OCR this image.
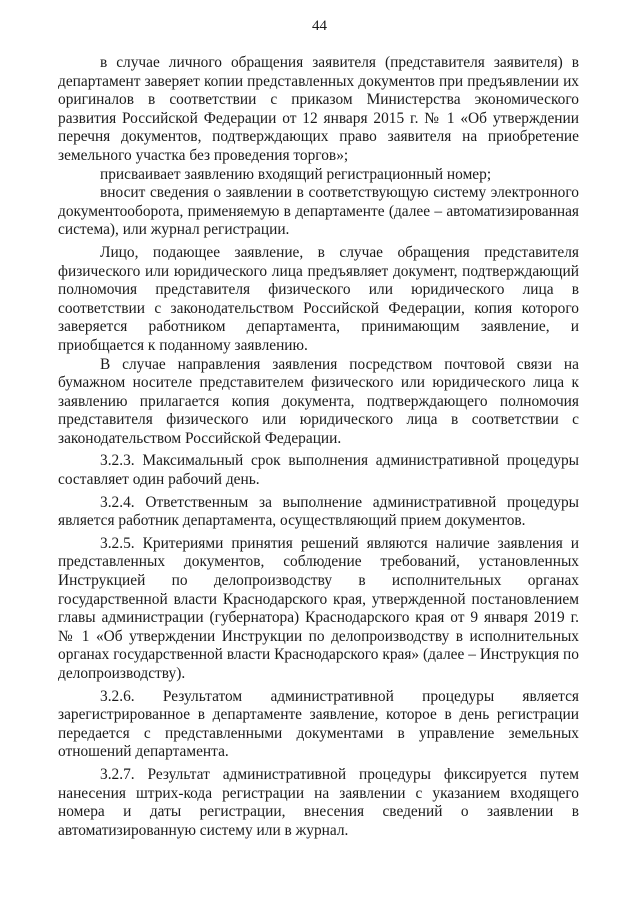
44

в случае личного обращения заявителя (представителя заявителя) в департамент заверяет копии представленных документов при предъявлении их оригиналов в соответствии с приказом Министерства экономического развития Российской Федерации от 12 января 2015 г. № 1 «Об утверждении перечня документов, подтверждающих право заявителя на приобретение земельного участка без проведения торгов»;

присваивает заявлению входящий регистрационный номер;

вносит сведения о заявлении в соответствующую систему электронного документооборота, применяемую в департаменте (далее – автоматизированная система), или журнал регистрации.

Лицо, подающее заявление, в случае обращения представителя физического или юридического лица предъявляет документ, подтверждающий полномочия представителя физического или юридического лица в соответствии с законодательством Российской Федерации, копия которого заверяется работником департамента, принимающим заявление, и приобщается к поданному заявлению.

В случае направления заявления посредством почтовой связи на бумажном носителе представителем физического или юридического лица к заявлению прилагается копия документа, подтверждающего полномочия представителя физического или юридического лица в соответствии с законодательством Российской Федерации.

3.2.3. Максимальный срок выполнения административной процедуры составляет один рабочий день.

3.2.4. Ответственным за выполнение административной процедуры является работник департамента, осуществляющий прием документов.

3.2.5. Критериями принятия решений являются наличие заявления и представленных документов, соблюдение требований, установленных Инструкцией по делопроизводству в исполнительных органах государственной власти Краснодарского края, утвержденной постановлением главы администрации (губернатора) Краснодарского края от 9 января 2019 г. № 1 «Об утверждении Инструкции по делопроизводству в исполнительных органах государственной власти Краснодарского края» (далее – Инструкция по делопроизводству).

3.2.6. Результатом административной процедуры является зарегистрированное в департаменте заявление, которое в день регистрации передается с представленными документами в управление земельных отношений департамента.

3.2.7. Результат административной процедуры фиксируется путем нанесения штрих-кода регистрации на заявлении с указанием входящего номера и даты регистрации, внесения сведений о заявлении в автоматизированную систему или в журнал.
